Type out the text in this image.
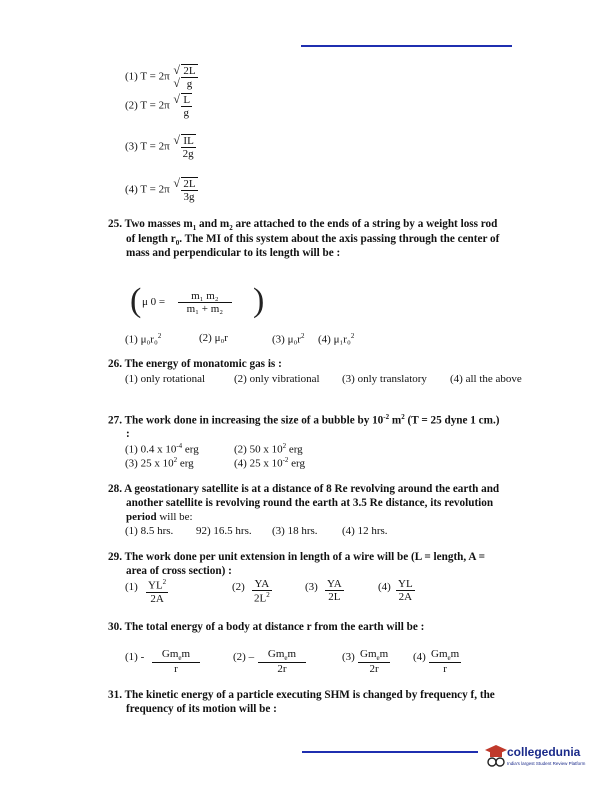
(1) T = 2π √ 2L
√ g
(2) T = 2π √ $\frac{L}{g}$
(3) T = 2π √ $\frac{IL}{2g}$
(4) T = 2π √ $\frac{2L}{3g}$
25. Two masses $m_1$ and $m_2$ are attached to the ends of a string by a weight loss rod
of length $r_0$. The MI of this system about the axis passing through the center of
mass and perpendicular to its length will be :
(	)
μ $0 = \frac{\text{m₁ m₂}}{\text{m₁ + m₂}}$
(1) μ₀r₀$^2$	(2) μ₀r	(3) $\mu_0r^2$ (4) μ₁r₀$^2$
26. The energy of monatomic gas is :
(1) only rotational	(2) only vibrational (3) only translatory (4) all the above
27. The work done in increasing the size of a bubble by $10^{-2}$ $m^2$ (T = 25 dyne 1 cm.)
:
(1) 0.4 x $10^{-4}$ erg	(2) 50 x $10^2$ erg
(3) 25 x $10^2$ erg	(4) 25 x $10^{-2}$ erg
28. A geostationary satellite is at a distance of 8 Re revolving around the earth and
another satellite is revolving round the earth at 3.5 Re distance, its revolution
period will be:
(1) 8.5 hrs. 92) 16.5 hrs. (3) 18 hrs. (4) 12 hrs.
29. The work done per unit extension in length of a wire will be (L = length, A =
area of cross section) :
$(1) \frac{YL^2}{2A}$	$(2) \frac{YA}{2L^2}$	$(3) \frac{YA}{2L}$	$(4) \frac{YL}{2A}$
30. The total energy of a body at distance r from the earth will be :
$(1) - \frac{Gm_em}{r}$	$(2) - \frac{Gm_em}{2r}$	$(3) \frac{Gm_em}{2r} (4) \frac{Gm_em}{r}$
31. The kinetic energy of a particle executing SHM is changed by frequency f, the
frequency of its motion will be :
collegedunia
India's largest Student Review Platform
